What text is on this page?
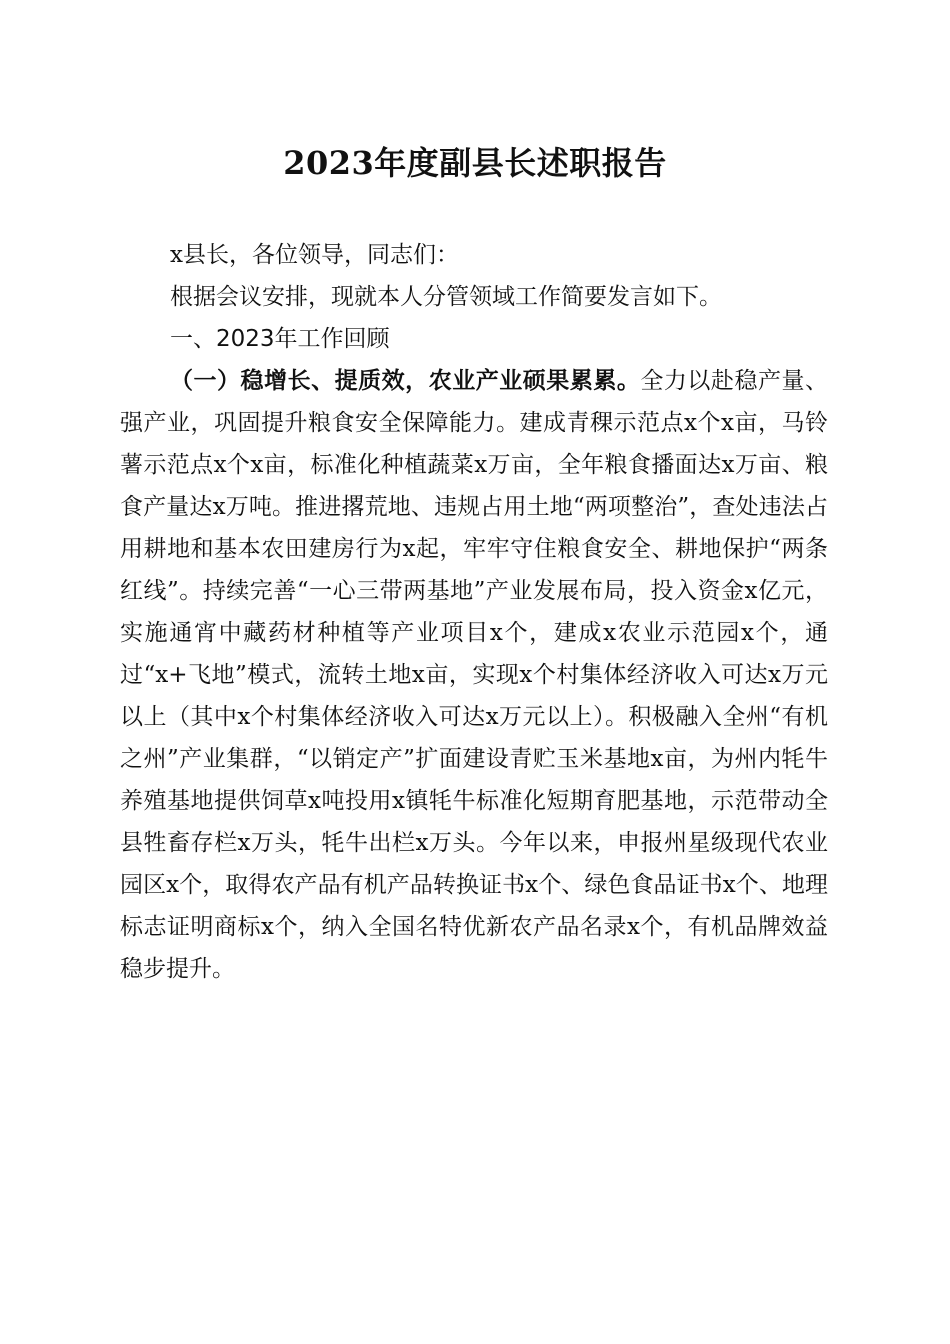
2023年度副县长述职报告

x县长，各位领导，同志们：

根据会议安排，现就本人分管领域工作简要发言如下。

一、2023年工作回顾

（一）稳增长、提质效，农业产业硕果累累。全力以赴稳产量、强产业，巩固提升粮食安全保障能力。建成青稞示范点x个x亩，马铃薯示范点x个x亩，标准化种植蔬菜x万亩，全年粮食播面达x万亩、粮食产量达x万吨。推进撂荒地、违规占用土地“两项整治”，查处违法占用耕地和基本农田建房行为x起，牢牢守住粮食安全、耕地保护“两条红线”。持续完善“一心三带两基地”产业发展布局，投入资金x亿元，实施通宵中藏药材种植等产业项目x个，建成x农业示范园x个，通过“x+飞地”模式，流转土地x亩，实现x个村集体经济收入可达x万元以上（其中x个村集体经济收入可达x万元以上）。积极融入全州“有机之州”产业集群，“以销定产”扩面建设青贮玉米基地x亩，为州内牦牛养殖基地提供饲草x吨投用x镇牦牛标准化短期育肥基地，示范带动全县牲畜存栏x万头，牦牛出栏x万头。今年以来，申报州星级现代农业园区x个，取得农产品有机产品转换证书x个、绿色食品证书x个、地理标志证明商标x个，纳入全国名特优新农产品名录x个，有机品牌效益稳步提升。
